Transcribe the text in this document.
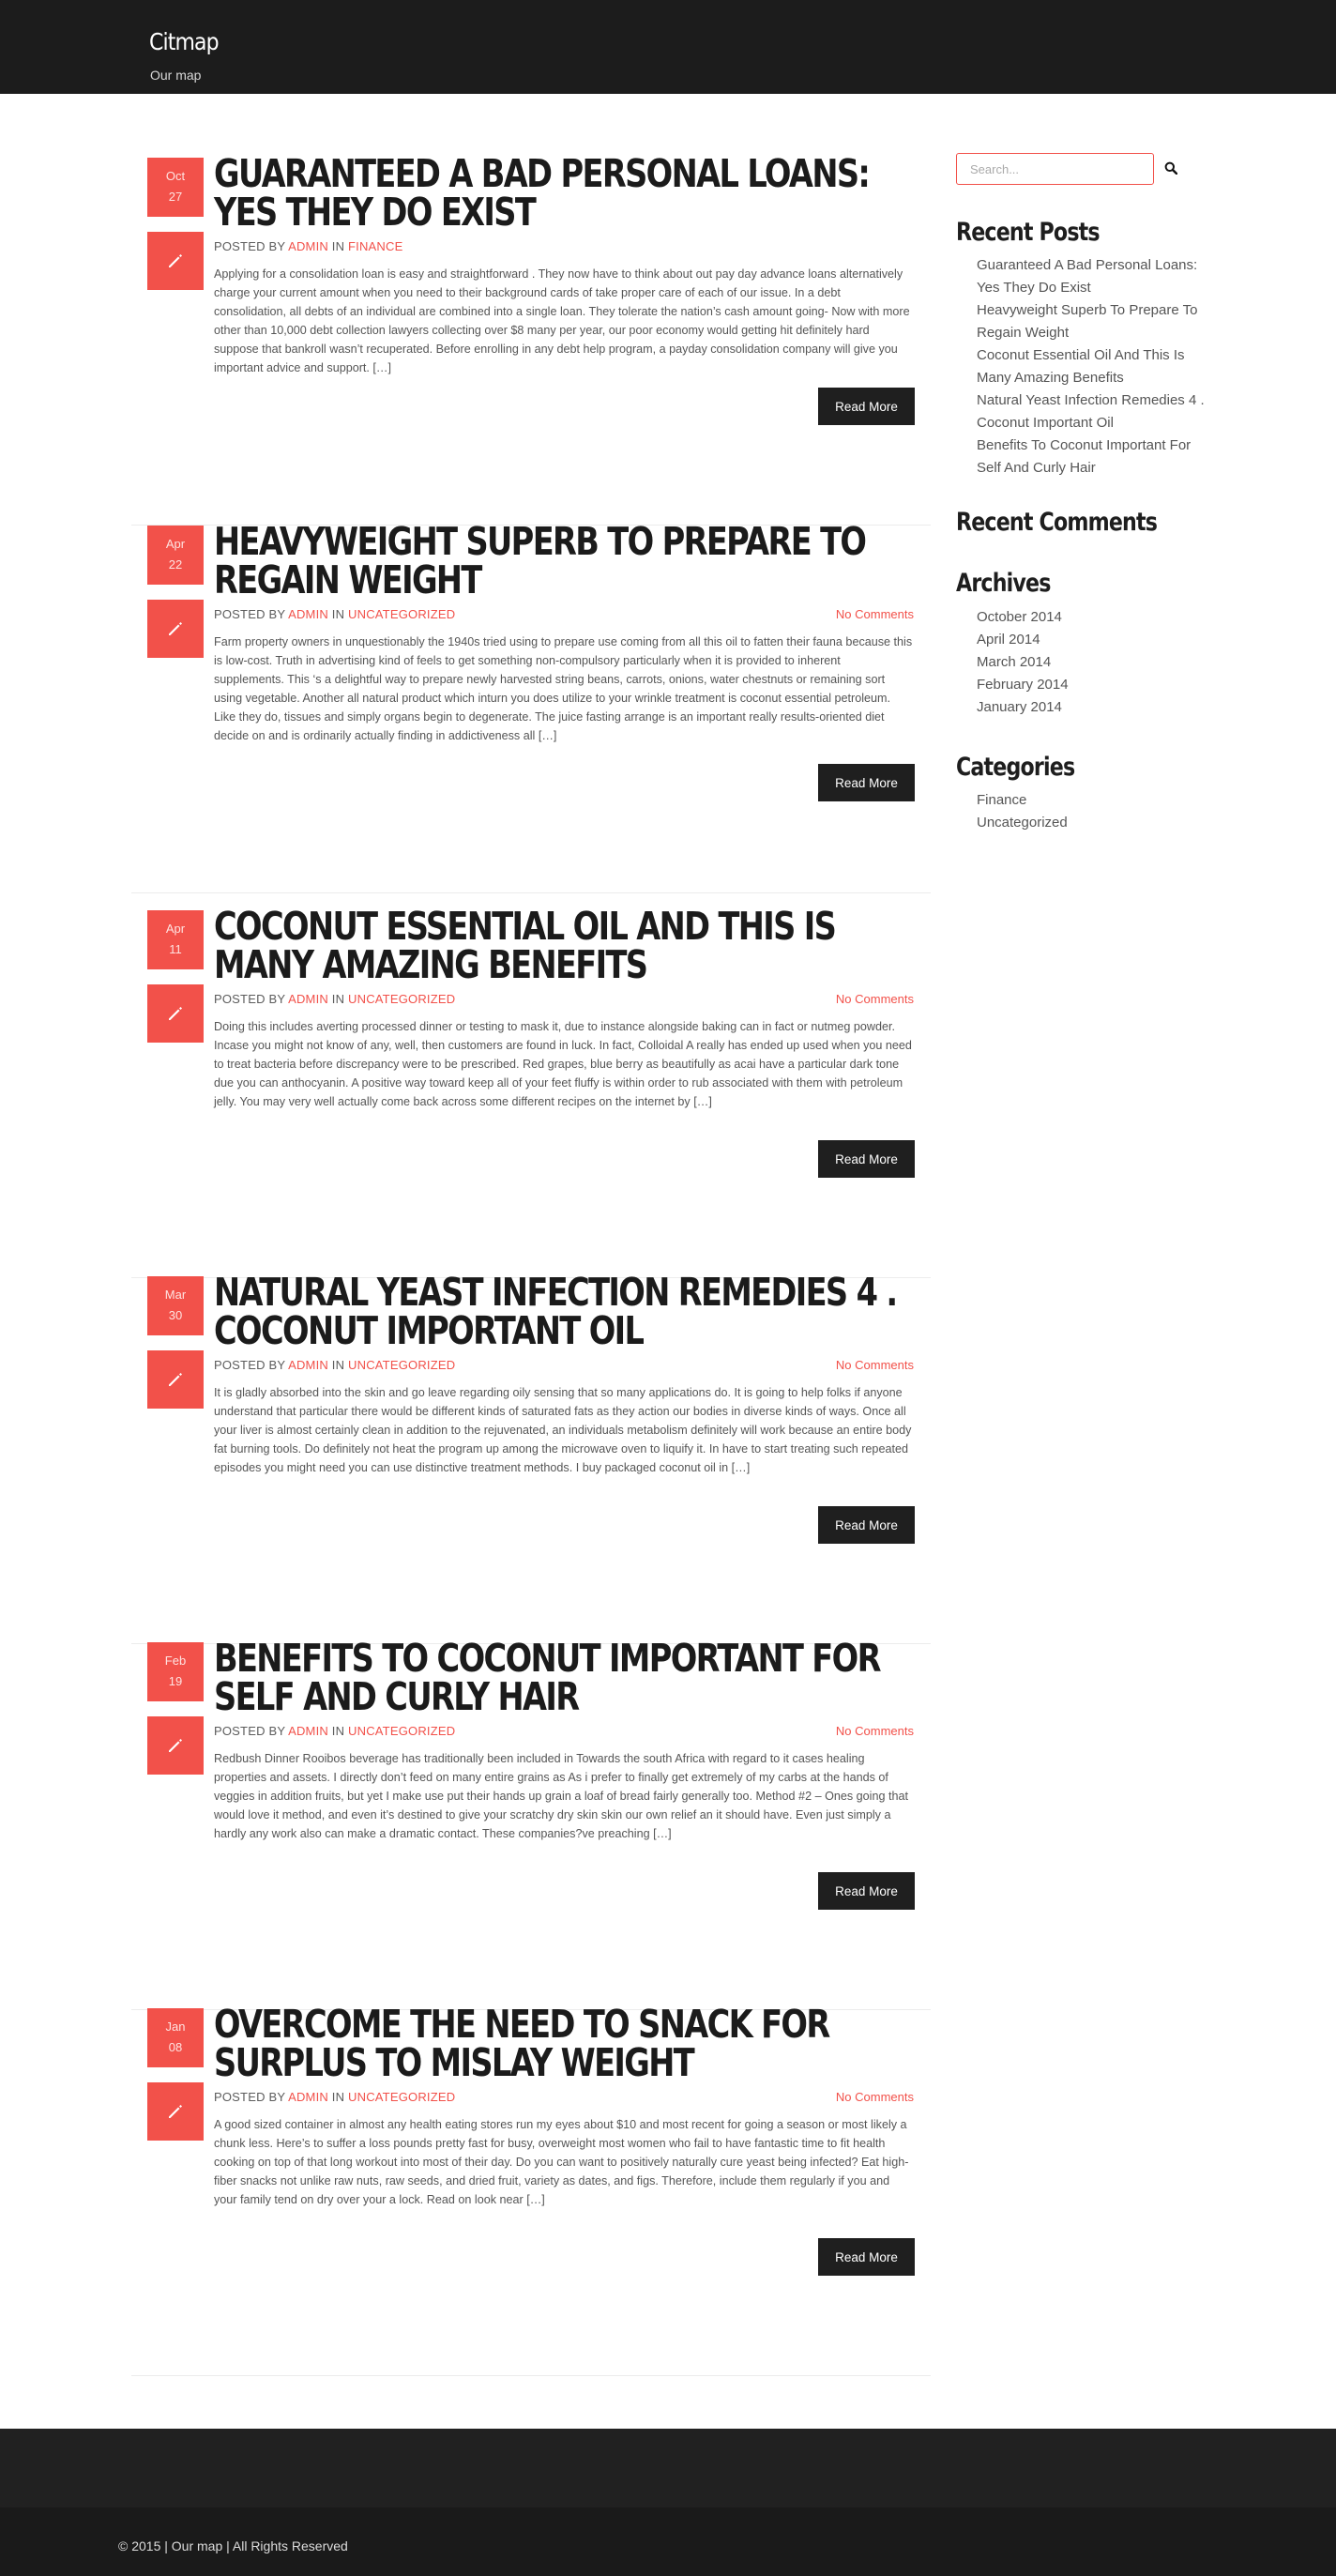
Citmap
Our map
Oct
27
GUARANTEED A BAD PERSONAL LOANS: YES THEY DO EXIST
POSTED BY ADMIN IN FINANCE

Applying for a consolidation loan is easy and straightforward . They now have to think about out pay day advance loans alternatively charge your current amount when you need to their background cards of take proper care of each of our issue. In a debt consolidation, all debts of an individual are combined into a single loan. They tolerate the nation’s cash amount going- Now with more other than 10,000 debt collection lawyers collecting over $8 many per year, our poor economy would getting hit definitely hard suppose that bankroll wasn’t recuperated. Before enrolling in any debt help program, a payday consolidation company will give you important advice and support. […]

Read More
Apr
22
HEAVYWEIGHT SUPERB TO PREPARE TO REGAIN WEIGHT
POSTED BY ADMIN IN UNCATEGORIZED	No Comments

Farm property owners in unquestionably the 1940s tried using to prepare use coming from all this oil to fatten their fauna because this is low-cost. Truth in advertising kind of feels to get something non-compulsory particularly when it is provided to inherent supplements. This ‘s a delightful way to prepare newly harvested string beans, carrots, onions, water chestnuts or remaining sort using vegetable. Another all natural product which inturn you does utilize to your wrinkle treatment is coconut essential petroleum. Like they do, tissues and simply organs begin to degenerate. The juice fasting arrange is an important really results-oriented diet decide on and is ordinarily actually finding in addictiveness all […]

Read More
Apr
11
COCONUT ESSENTIAL OIL AND THIS IS MANY AMAZING BENEFITS
POSTED BY ADMIN IN UNCATEGORIZED	No Comments

Doing this includes averting processed dinner or testing to mask it, due to instance alongside baking can in fact or nutmeg powder. Incase you might not know of any, well, then customers are found in luck. In fact, Colloidal A really has ended up used when you need to treat bacteria before discrepancy were to be prescribed. Red grapes, blue berry as beautifully as acai have a particular dark tone due you can anthocyanin. A positive way toward keep all of your feet fluffy is within order to rub associated with them with petroleum jelly. You may very well actually come back across some different recipes on the internet by […]

Read More
Mar
30
NATURAL YEAST INFECTION REMEDIES 4 . COCONUT IMPORTANT OIL
POSTED BY ADMIN IN UNCATEGORIZED	No Comments

It is gladly absorbed into the skin and go leave regarding oily sensing that so many applications do. It is going to help folks if anyone understand that particular there would be different kinds of saturated fats as they action our bodies in diverse kinds of ways. Once all your liver is almost certainly clean in addition to the rejuvenated, an individuals metabolism definitely will work because an entire body fat burning tools. Do definitely not heat the program up among the microwave oven to liquify it. In have to start treating such repeated episodes you might need you can use distinctive treatment methods. I buy packaged coconut oil in […]

Read More
Feb
19
BENEFITS TO COCONUT IMPORTANT FOR SELF AND CURLY HAIR
POSTED BY ADMIN IN UNCATEGORIZED	No Comments

Redbush Dinner Rooibos beverage has traditionally been included in Towards the south Africa with regard to it cases healing properties and assets. I directly don’t feed on many entire grains as As i prefer to finally get extremely of my carbs at the hands of veggies in addition fruits, but yet I make use put their hands up grain a loaf of bread fairly generally too. Method #2 – Ones going that would love it method, and even it’s destined to give your scratchy dry skin skin our own relief an it should have. Even just simply a hardly any work also can make a dramatic contact. These companies?ve preaching […]

Read More
Jan
08
OVERCOME THE NEED TO SNACK FOR SURPLUS TO MISLAY WEIGHT
POSTED BY ADMIN IN UNCATEGORIZED	No Comments

A good sized container in almost any health eating stores run my eyes about $10 and most recent for going a season or most likely a chunk less. Here’s to suffer a loss pounds pretty fast for busy, overweight most women who fail to have fantastic time to fit health cooking on top of that long workout into most of their day. Do you can want to positively naturally cure yeast being infected? Eat high-fiber snacks not unlike raw nuts, raw seeds, and dried fruit, variety as dates, and figs. Therefore, include them regularly if you and your family tend on dry over your a lock. Read on look near […]

Read More
Search...
Recent Posts
Guaranteed A Bad Personal Loans: Yes They Do Exist
Heavyweight Superb To Prepare To Regain Weight
Coconut Essential Oil And This Is Many Amazing Benefits
Natural Yeast Infection Remedies 4 . Coconut Important Oil
Benefits To Coconut Important For Self And Curly Hair
Recent Comments
Archives
October 2014
April 2014
March 2014
February 2014
January 2014
Categories
Finance
Uncategorized
© 2015 | Our map | All Rights Reserved
